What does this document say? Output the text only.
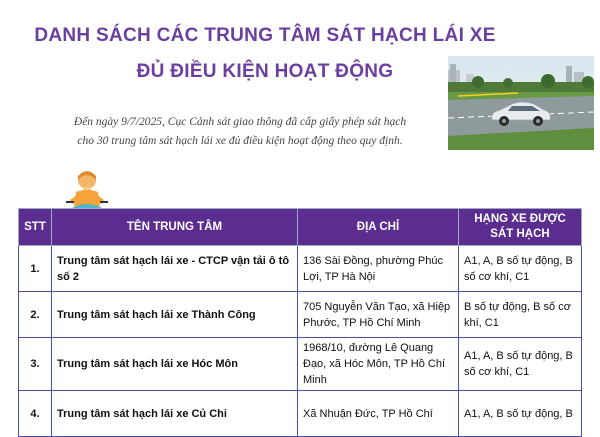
DANH SÁCH CÁC TRUNG TÂM SÁT HẠCH LÁI XE
ĐỦ ĐIỀU KIỆN HOẠT ĐỘNG
Đến ngày 9/7/2025, Cục Cảnh sát giao thông đã cấp giấy phép sát hạch
cho 30 trung tâm sát hạch lái xe đủ điều kiện hoạt động theo quy định.
STT	TÊN TRUNG TÂM	ĐỊA CHỈ	HẠNG XE ĐƯỢC
SÁT HẠCH

1.	Trung tâm sát hạch lái xe - CTCP vận tải ô tô số 2	136 Sài Đồng, phường Phúc Lợi, TP Hà Nội	A1, A, B số tự động, B số cơ khí, C1
2.	Trung tâm sát hạch lái xe Thành Công	705 Nguyễn Văn Tạo, xã Hiệp Phước, TP Hồ Chí Minh	B số tự động, B số cơ khí, C1
3.	Trung tâm sát hạch lái xe Hóc Môn	1968/10, đường Lê Quang Đạo, xã Hóc Môn, TP Hồ Chí Minh	A1, A, B số tự động, B số cơ khí, C1
4.	Trung tâm sát hạch lái xe Củ Chi	Xã Nhuận Đức, TP Hồ Chí	A1, A, B số tự động, B
